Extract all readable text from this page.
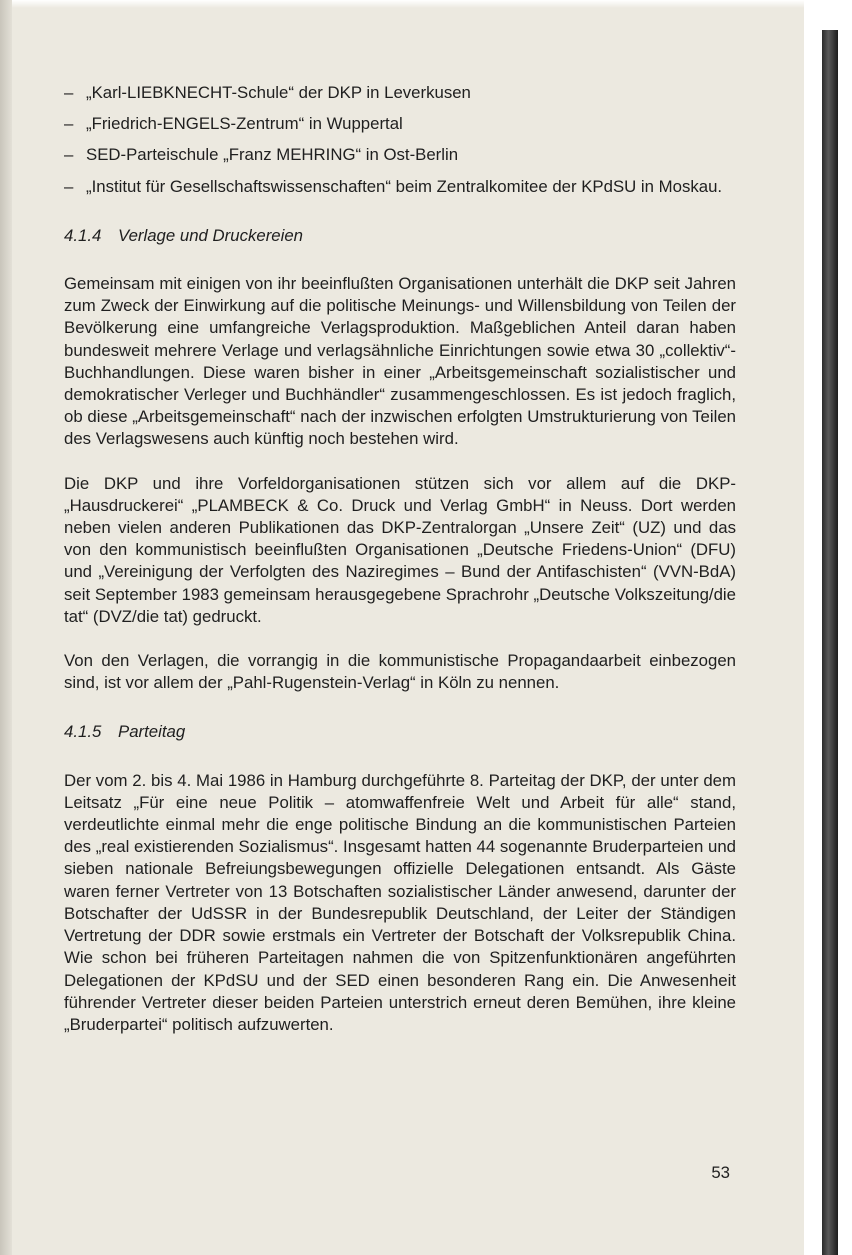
– „Karl-LIEBKNECHT-Schule“ der DKP in Leverkusen
– „Friedrich-ENGELS-Zentrum“ in Wuppertal
– SED-Parteischule „Franz MEHRING“ in Ost-Berlin
– „Institut für Gesellschaftswissenschaften“ beim Zentralkomitee der KPdSU in Moskau.
4.1.4 Verlage und Druckereien

Gemeinsam mit einigen von ihr beeinflußten Organisationen unterhält die DKP seit Jahren zum Zweck der Einwirkung auf die politische Meinungs- und Willensbildung von Teilen der Bevölkerung eine umfangreiche Verlagsproduktion. Maßgeblichen Anteil daran haben bundesweit mehrere Verlage und verlagsähnliche Einrichtungen sowie etwa 30 „collektiv“-Buchhandlungen. Diese waren bisher in einer „Arbeitsgemeinschaft sozialistischer und demokratischer Verleger und Buchhändler“ zusammengeschlossen. Es ist jedoch fraglich, ob diese „Arbeitsgemeinschaft“ nach der inzwischen erfolgten Umstrukturierung von Teilen des Verlagswesens auch künftig noch bestehen wird.

Die DKP und ihre Vorfeldorganisationen stützen sich vor allem auf die DKP-„Hausdruckerei“ „PLAMBECK & Co. Druck und Verlag GmbH“ in Neuss. Dort werden neben vielen anderen Publikationen das DKP-Zentralorgan „Unsere Zeit“ (UZ) und das von den kommunistisch beeinflußten Organisationen „Deutsche Friedens-Union“ (DFU) und „Vereinigung der Verfolgten des Naziregimes – Bund der Antifaschisten“ (VVN-BdA) seit September 1983 gemeinsam herausgegebene Sprachrohr „Deutsche Volkszeitung/die tat“ (DVZ/die tat) gedruckt.

Von den Verlagen, die vorrangig in die kommunistische Propagandaarbeit einbezogen sind, ist vor allem der „Pahl-Rugenstein-Verlag“ in Köln zu nennen.

4.1.5 Parteitag

Der vom 2. bis 4. Mai 1986 in Hamburg durchgeführte 8. Parteitag der DKP, der unter dem Leitsatz „Für eine neue Politik – atomwaffenfreie Welt und Arbeit für alle“ stand, verdeutlichte einmal mehr die enge politische Bindung an die kommunistischen Parteien des „real existierenden Sozialismus“. Insgesamt hatten 44 sogenannte Bruderparteien und sieben nationale Befreiungsbewegungen offizielle Delegationen entsandt. Als Gäste waren ferner Vertreter von 13 Botschaften sozialistischer Länder anwesend, darunter der Botschafter der UdSSR in der Bundesrepublik Deutschland, der Leiter der Ständigen Vertretung der DDR sowie erstmals ein Vertreter der Botschaft der Volksrepublik China. Wie schon bei früheren Parteitagen nahmen die von Spitzenfunktionären angeführten Delegationen der KPdSU und der SED einen besonderen Rang ein. Die Anwesenheit führender Vertreter dieser beiden Parteien unterstrich erneut deren Bemühen, ihre kleine „Bruderpartei“ politisch aufzuwerten.

53
